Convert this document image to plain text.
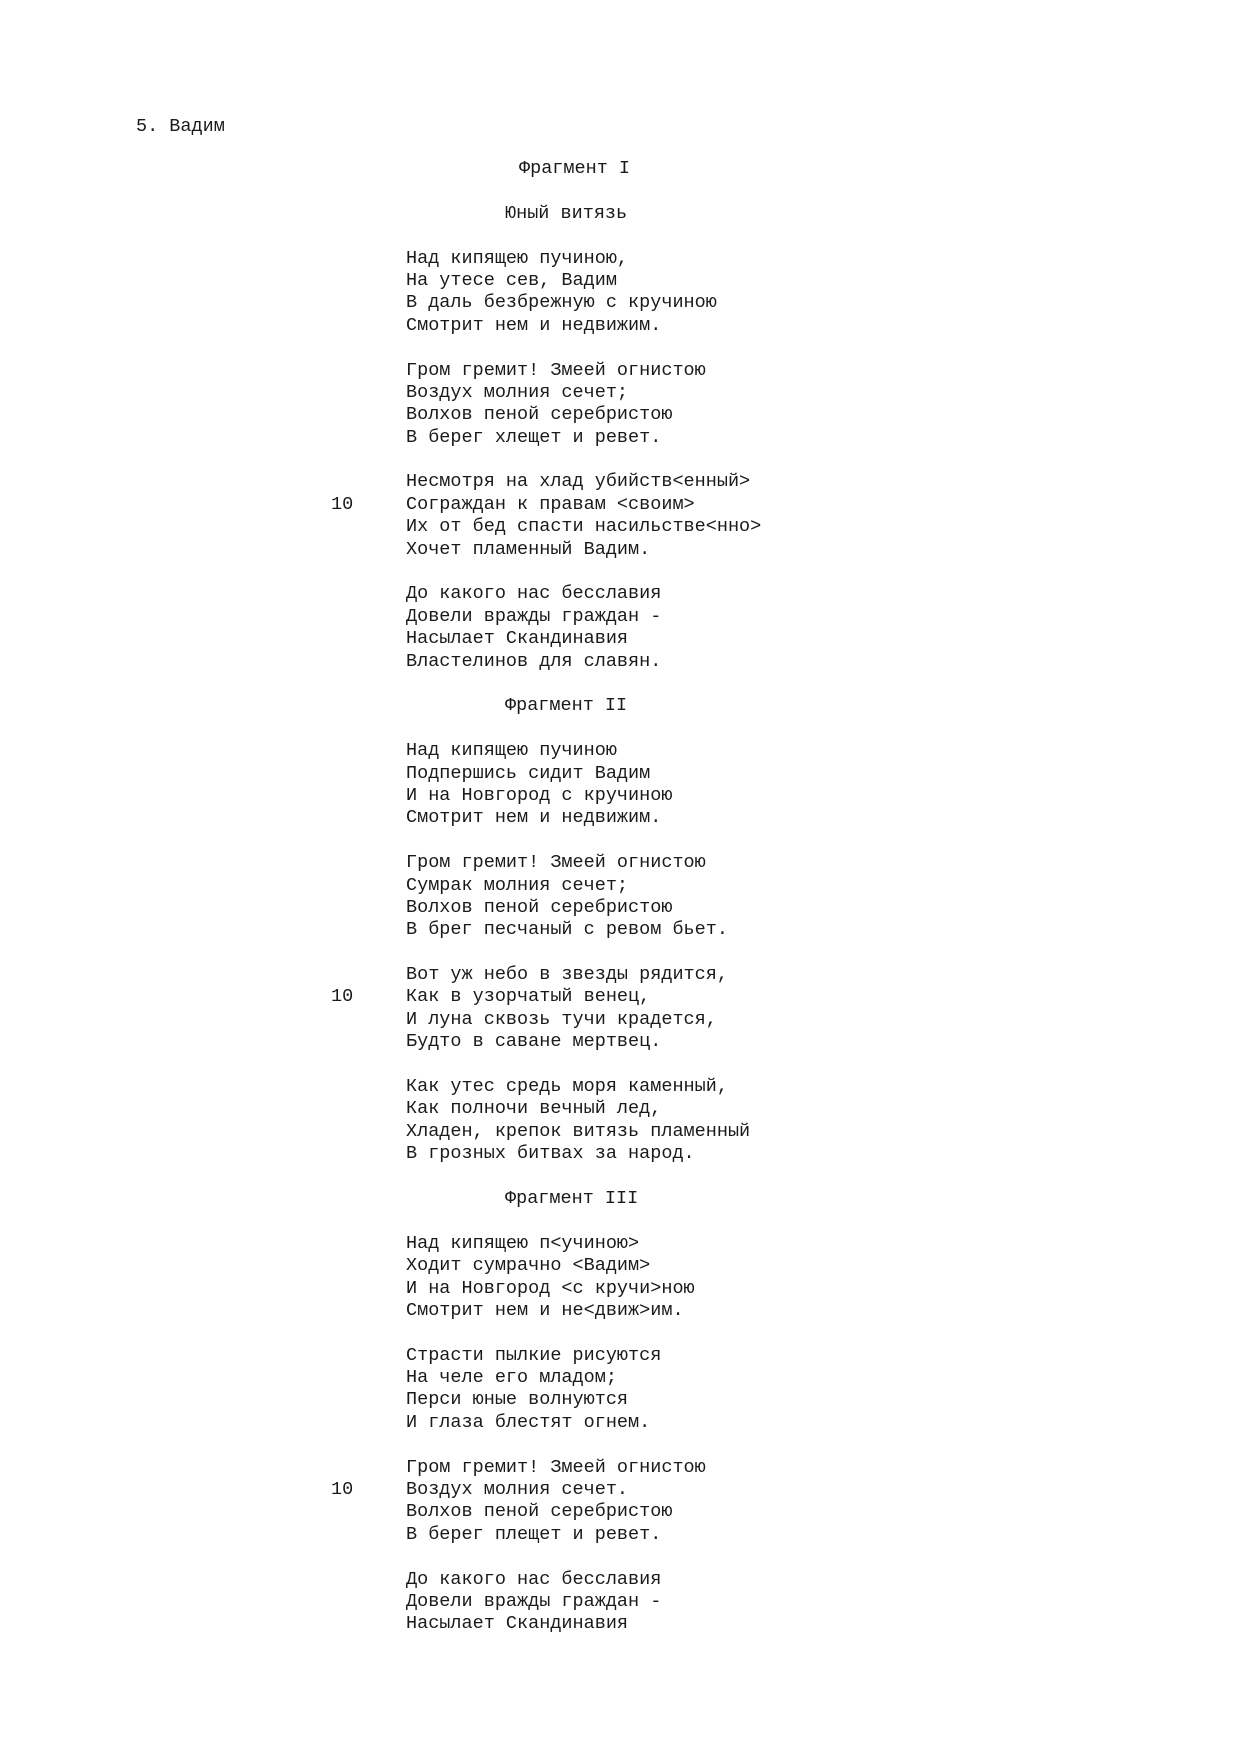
5. Вадим
Фрагмент I
Юный витязь
Над кипящею пучиною,
На утесе сев, Вадим
В даль безбрежную с кручиною
Смотрит нем и недвижим.
Гром гремит! Змеей огнистою
Воздух молния сечет;
Волхов пеной серебристою
В берег хлещет и ревет.
Несмотря на хлад убийств<енный>
10	Сограждан к правам <своим>
Их от бед спасти насильстве<нно>
Хочет пламенный Вадим.
До какого нас бесславия
Довели вражды граждан -
Насылает Скандинавия
Властелинов для славян.
Фрагмент II
Над кипящею пучиною
Подпершись сидит Вадим
И на Новгород с кручиною
Смотрит нем и недвижим.
Гром гремит! Змеей огнистою
Сумрак молния сечет;
Волхов пеной серебристою
В брег песчаный с ревом бьет.
Вот уж небо в звезды рядится,
10	Как в узорчатый венец,
И луна сквозь тучи крадется,
Будто в саване мертвец.
Как утес средь моря каменный,
Как полночи вечный лед,
Хладен, крепок витязь пламенный
В грозных битвах за народ.
Фрагмент III
Над кипящею п<учиною>
Ходит сумрачно <Вадим>
И на Новгород <с кручи>ною
Смотрит нем и не<движ>им.
Страсти пылкие рисуются
На челе его младом;
Перси юные волнуются
И глаза блестят огнем.
Гром гремит! Змеей огнистою
10	Воздух молния сечет.
Волхов пеной серебристою
В берег плещет и ревет.
До какого нас бесславия
Довели вражды граждан -
Насылает Скандинавия
